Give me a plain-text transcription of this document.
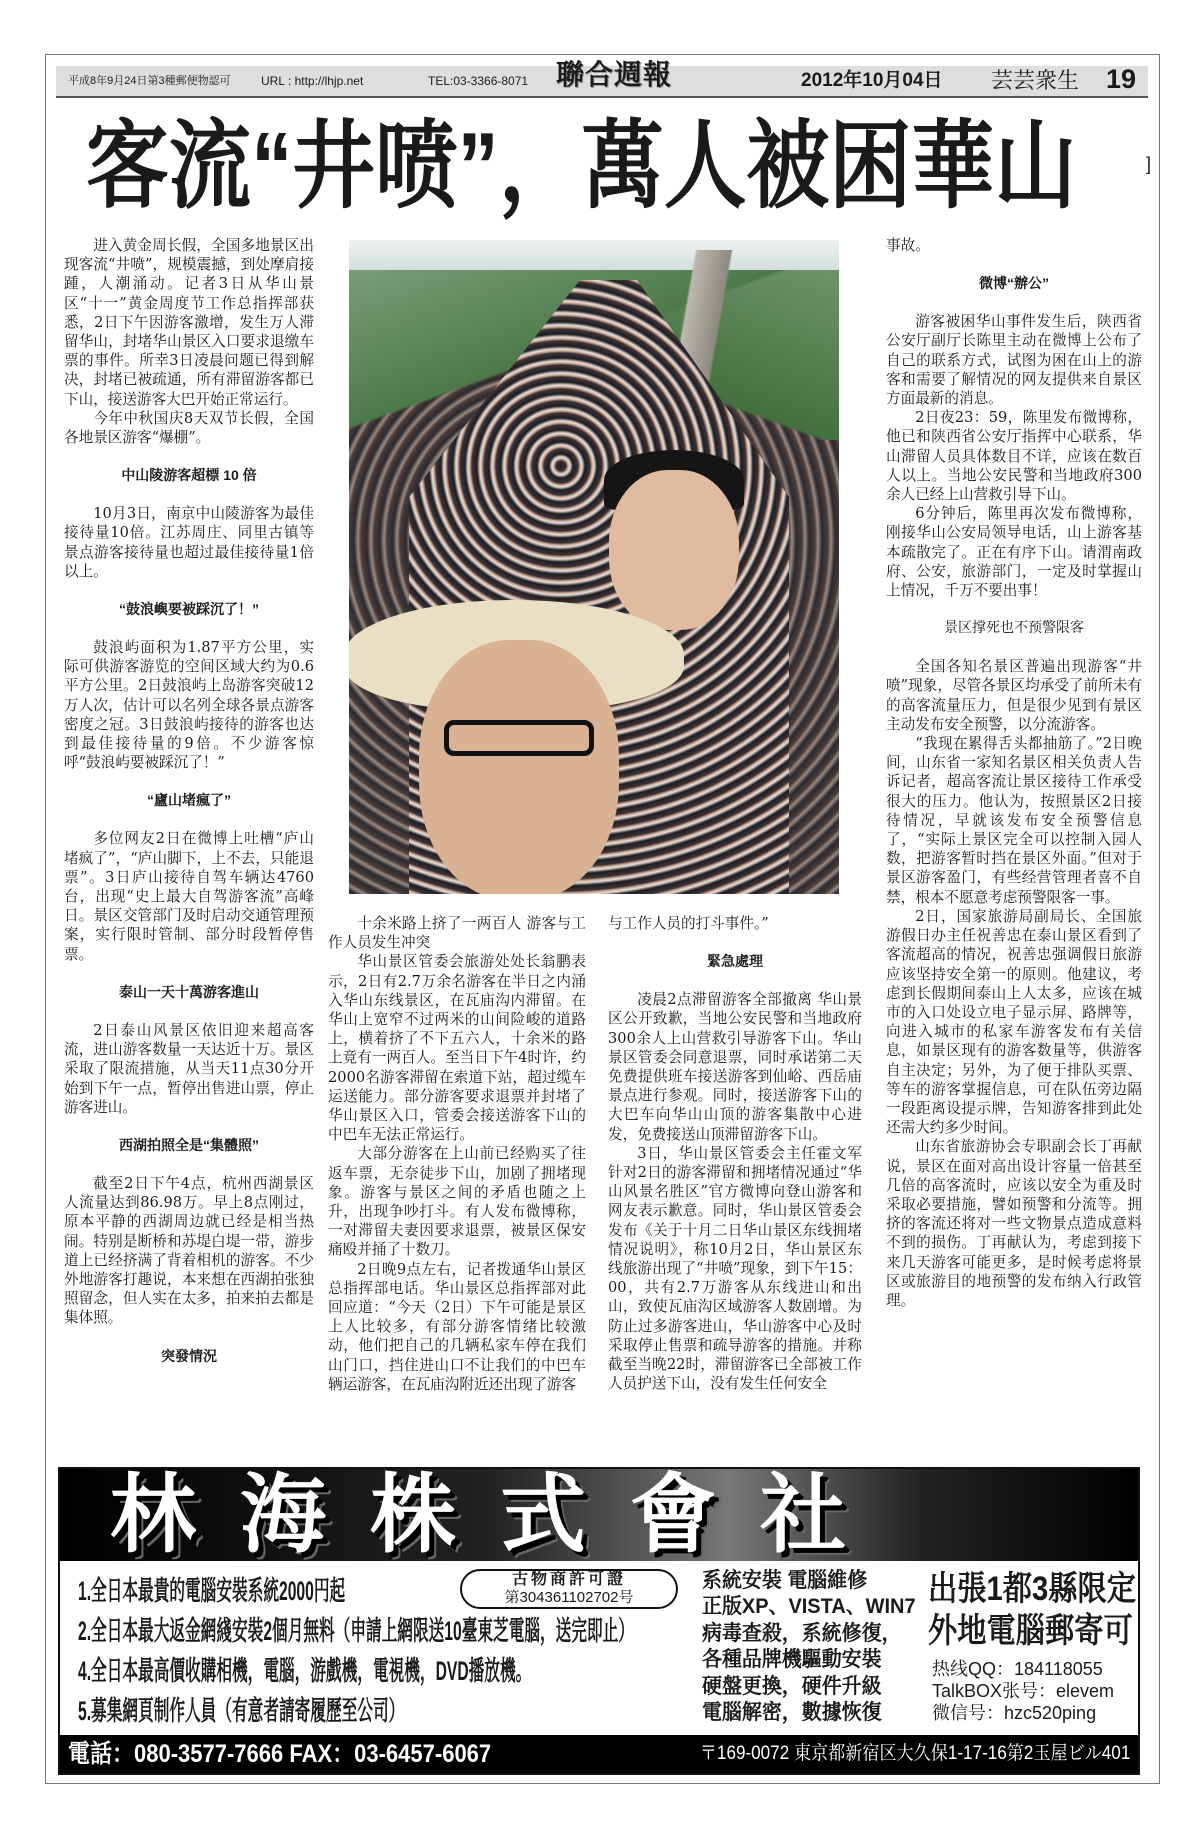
平成8年9月24日第3種郵便物認可	URL : http://lhjp.net	TEL:03-3366-8071 聯合週報	2012年10月04日 芸芸衆生 19
客流“井喷”，萬人被困華山	]

进入黄金周长假，全国多地景区出现客流“井喷”，规模震撼，到处摩肩接踵，人潮涌动。记者3日从华山景区“十一”黄金周度节工作总指挥部获悉，2日下午因游客激增，发生万人滞留华山，封堵华山景区入口要求退缴车票的事件。所幸3日凌晨问题已得到解决，封堵已被疏通，所有滞留游客都已下山，接送游客大巴开始正常运行。

今年中秋国庆8天双节长假，全国各地景区游客“爆棚”。

中山陵游客超標 10 倍

10月3日，南京中山陵游客为最佳接待量10倍。江苏周庄、同里古镇等景点游客接待量也超过最佳接待量1倍以上。

“鼓浪嶼要被踩沉了！”

鼓浪屿面积为1.87平方公里，实际可供游客游览的空间区域大约为0.6平方公里。2日鼓浪屿上岛游客突破12万人次，估计可以名列全球各景点游客密度之冠。3日鼓浪屿接待的游客也达到最佳接待量的9倍。不少游客惊呼“鼓浪屿要被踩沉了！”

“廬山堵瘋了”

多位网友2日在微博上吐槽“庐山堵疯了”，“庐山脚下，上不去，只能退票”。3日庐山接待自驾车辆达4760台，出现“史上最大自驾游客流”高峰日。景区交管部门及时启动交通管理预案，实行限时管制、部分时段暂停售票。

泰山一天十萬游客進山

2日泰山风景区依旧迎来超高客流，进山游客数量一天达近十万。景区采取了限流措施，从当天11点30分开始到下午一点，暂停出售进山票，停止游客进山。

西湖拍照全是“集體照”

截至2日下午4点，杭州西湖景区人流量达到86.98万。早上8点刚过，原本平静的西湖周边就已经是相当热闹。特别是断桥和苏堤白堤一带，游步道上已经挤满了背着相机的游客。不少外地游客打趣说，本来想在西湖拍张独照留念，但人实在太多，拍来拍去都是集体照。

突發情況

十余米路上挤了一两百人 游客与工作人员发生冲突

华山景区管委会旅游处处长翁鹏表示，2日有2.7万余名游客在半日之内涌入华山东线景区，在瓦庙沟内滞留。在华山上宽窄不过两米的山间险峻的道路上，横着挤了不下五六人，十余米的路上竟有一两百人。至当日下午4时许，约2000名游客滞留在索道下站，超过缆车运送能力。部分游客要求退票并封堵了华山景区入口，管委会接送游客下山的中巴车无法正常运行。

大部分游客在上山前已经购买了往返车票，无奈徒步下山，加剧了拥堵现象。游客与景区之间的矛盾也随之上升，出现争吵打斗。有人发布微博称，一对滞留夫妻因要求退票，被景区保安痛殴并捅了十数刀。

2日晚9点左右，记者拨通华山景区总指挥部电话。华山景区总指挥部对此回应道：“今天（2日）下午可能是景区上人比较多，有部分游客情绪比较激动，他们把自己的几辆私家车停在我们山门口，挡住进山口不让我们的中巴车辆运游客，在瓦庙沟附近还出现了游客

与工作人员的打斗事件。”

緊急處理

凌晨2点滞留游客全部撤离 华山景区公开致歉，当地公安民警和当地政府300余人上山营救引导游客下山。华山景区管委会同意退票，同时承诺第二天免费提供班车接送游客到仙峪、西岳庙景点进行参观。同时，接送游客下山的大巴车向华山山顶的游客集散中心进发，免费接送山顶滞留游客下山。

3日，华山景区管委会主任霍文军针对2日的游客滞留和拥堵情况通过“华山风景名胜区”官方微博向登山游客和网友表示歉意。同时，华山景区管委会发布《关于十月二日华山景区东线拥堵情况说明》，称10月2日，华山景区东线旅游出现了“井喷”现象，到下午15：00，共有2.7万游客从东线进山和出山，致使瓦庙沟区域游客人数剧增。为防止过多游客进山，华山游客中心及时采取停止售票和疏导游客的措施。并称截至当晚22时，滞留游客已全部被工作人员护送下山，没有发生任何安全

事故。

微博“辦公”

游客被困华山事件发生后，陕西省公安厅副厅长陈里主动在微博上公布了自己的联系方式，试图为困在山上的游客和需要了解情况的网友提供来自景区方面最新的消息。

2日夜23：59，陈里发布微博称，他已和陕西省公安厅指挥中心联系，华山滞留人员具体数目不详，应该在数百人以上。当地公安民警和当地政府300余人已经上山营救引导下山。

6分钟后，陈里再次发布微博称，刚接华山公安局领导电话，山上游客基本疏散完了。正在有序下山。请渭南政府、公安，旅游部门，一定及时掌握山上情况，千万不要出事！

景区撑死也不预警限客

全国各知名景区普遍出现游客“井喷”现象，尽管各景区均承受了前所未有的高客流量压力，但是很少见到有景区主动发布安全预警，以分流游客。

“我现在累得舌头都抽筋了。”2日晚间，山东省一家知名景区相关负责人告诉记者，超高客流让景区接待工作承受很大的压力。他认为，按照景区2日接待情况，早就该发布安全预警信息了，“实际上景区完全可以控制入园人数，把游客暂时挡在景区外面。”但对于景区游客盈门，有些经营管理者喜不自禁，根本不愿意考虑预警限客一事。

2日，国家旅游局副局长、全国旅游假日办主任祝善忠在泰山景区看到了客流超高的情况，祝善忠强调假日旅游应该坚持安全第一的原则。他建议，考虑到长假期间泰山上人太多，应该在城市的入口处设立电子显示屏、路牌等，向进入城市的私家车游客发布有关信息，如景区现有的游客数量等，供游客自主决定；另外，为了便于排队买票、等车的游客掌握信息，可在队伍旁边隔一段距离设提示牌，告知游客排到此处还需大约多少时间。

山东省旅游协会专职副会长丁再献说，景区在面对高出设计容量一倍甚至几倍的高客流时，应该以安全为重及时采取必要措施，譬如预警和分流等。拥挤的客流还将对一些文物景点造成意料不到的损伤。丁再献认为，考虑到接下来几天游客可能更多，是时候考虑将景区或旅游目的地预警的发布纳入行政管理。

林海株式會社
1.全日本最貴的電腦安裝系統2000円起
2.全日本最大返金網綫安裝2個月無料（申請上網限送10臺東芝電腦，送完即止）
4.全日本最高價收購相機，電腦，游戲機，電視機，DVD播放機。
5.募集網頁制作人員（有意者請寄履歷至公司）
古物商許可證
第304361102702号
系統安裝 電腦維修
正版XP、VISTA、WIN7
病毒查殺，系統修復，
各種品牌機驅動安裝
硬盤更換，硬件升級
電腦解密，數據恢復
出張1都3縣限定
外地電腦郵寄可
热线QQ：184118055
TalkBOX张号：elevem
微信号：hzc520ping
電話：080-3577-7666 FAX：03-6457-6067	〒169-0072 東京都新宿区大久保1-17-16第2玉屋ビル401
